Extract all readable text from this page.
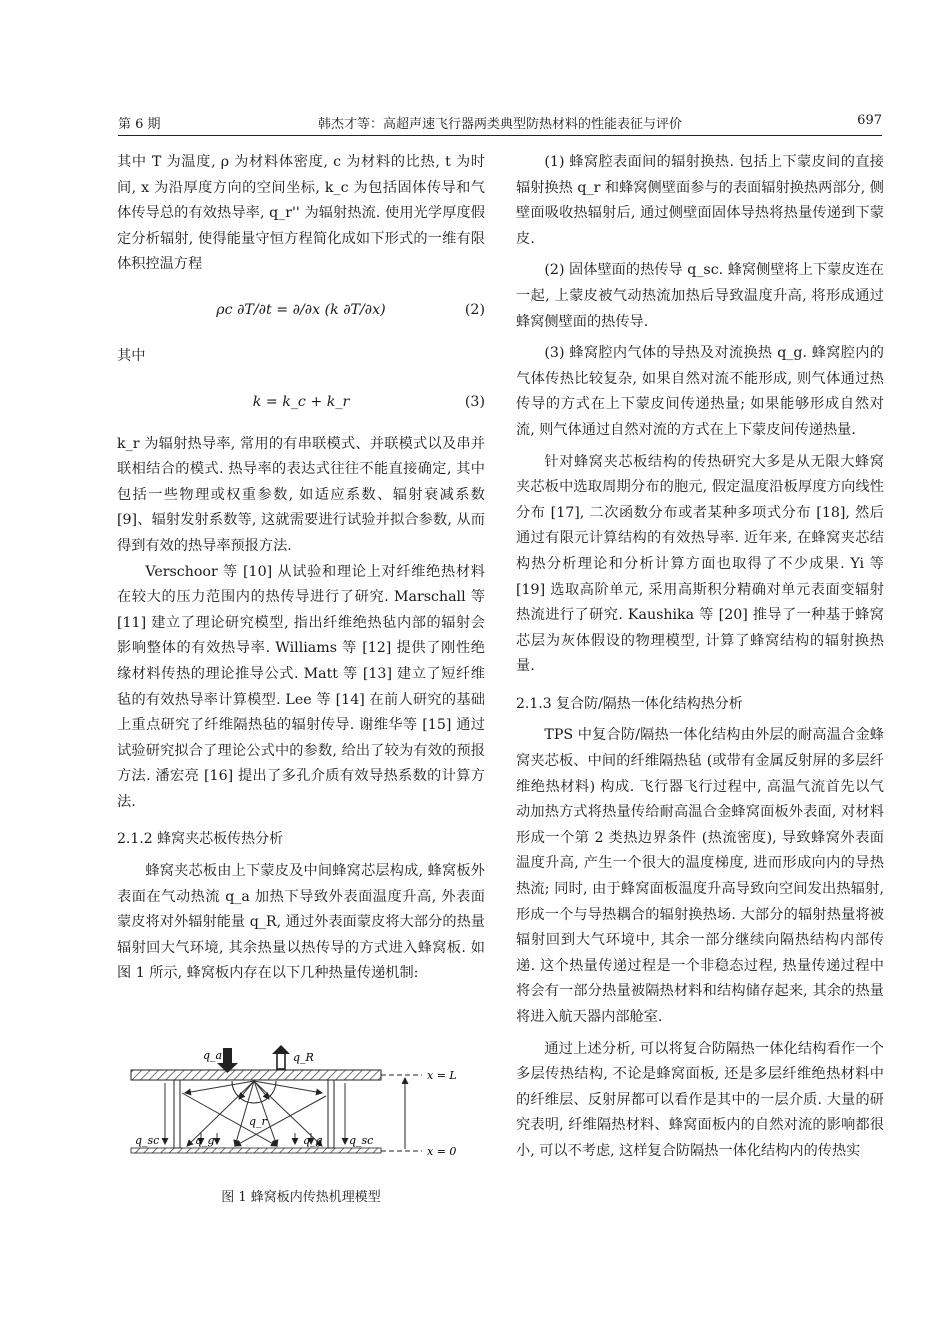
第 6 期	韩杰才等：高超声速飞行器两类典型防热材料的性能表征与评价	697

其中 T 为温度, ρ 为材料体密度, c 为材料的比热, t 为时间, x 为沿厚度方向的空间坐标, k_c 为包括固体传导和气体传导总的有效热导率, q_r'' 为辐射热流. 使用光学厚度假定分析辐射, 使得能量守恒方程简化成如下形式的一维有限体积控温方程

ρc ∂T/∂t = ∂/∂x (k ∂T/∂x)	(2)

其中

k = k_c + k_r	(3)

k_r 为辐射热导率, 常用的有串联模式、并联模式以及串并联相结合的模式. 热导率的表达式往往不能直接确定, 其中包括一些物理或权重参数, 如适应系数、辐射衰减系数 [9]、辐射发射系数等, 这就需要进行试验并拟合参数, 从而得到有效的热导率预报方法.

Verschoor 等 [10] 从试验和理论上对纤维绝热材料在较大的压力范围内的热传导进行了研究. Marschall 等 [11] 建立了理论研究模型, 指出纤维绝热毡内部的辐射会影响整体的有效热导率. Williams 等 [12] 提供了刚性绝缘材料传热的理论推导公式. Matt 等 [13] 建立了短纤维毡的有效热导率计算模型. Lee 等 [14] 在前人研究的基础上重点研究了纤维隔热毡的辐射传导. 谢维华等 [15] 通过试验研究拟合了理论公式中的参数, 给出了较为有效的预报方法. 潘宏亮 [16] 提出了多孔介质有效导热系数的计算方法.

2.1.2 蜂窝夹芯板传热分析

蜂窝夹芯板由上下蒙皮及中间蜂窝芯层构成, 蜂窝板外表面在气动热流 q_a 加热下导致外表面温度升高, 外表面蒙皮将对外辐射能量 q_R, 通过外表面蒙皮将大部分的热量辐射回大气环境, 其余热量以热传导的方式进入蜂窝板. 如图 1 所示, 蜂窝板内存在以下几种热量传递机制:

q_a	q_R
x = L
x = 0
q_sc	q_g
q_r
q_g q_sc
图 1 蜂窝板内传热机理模型

(1) 蜂窝腔表面间的辐射换热. 包括上下蒙皮间的直接辐射换热 q_r 和蜂窝侧壁面参与的表面辐射换热两部分, 侧壁面吸收热辐射后, 通过侧壁面固体导热将热量传递到下蒙皮.

(2) 固体壁面的热传导 q_sc. 蜂窝侧壁将上下蒙皮连在一起, 上蒙皮被气动热流加热后导致温度升高, 将形成通过蜂窝侧壁面的热传导.

(3) 蜂窝腔内气体的导热及对流换热 q_g. 蜂窝腔内的气体传热比较复杂, 如果自然对流不能形成, 则气体通过热传导的方式在上下蒙皮间传递热量; 如果能够形成自然对流, 则气体通过自然对流的方式在上下蒙皮间传递热量.

针对蜂窝夹芯板结构的传热研究大多是从无限大蜂窝夹芯板中选取周期分布的胞元, 假定温度沿板厚度方向线性分布 [17], 二次函数分布或者某种多项式分布 [18], 然后通过有限元计算结构的有效热导率. 近年来, 在蜂窝夹芯结构热分析理论和分析计算方面也取得了不少成果. Yi 等 [19] 选取高阶单元, 采用高斯积分精确对单元表面变辐射热流进行了研究. Kaushika 等 [20] 推导了一种基于蜂窝芯层为灰体假设的物理模型, 计算了蜂窝结构的辐射换热量.

2.1.3 复合防/隔热一体化结构热分析

TPS 中复合防/隔热一体化结构由外层的耐高温合金蜂窝夹芯板、中间的纤维隔热毡 (或带有金属反射屏的多层纤维绝热材料) 构成. 飞行器飞行过程中, 高温气流首先以气动加热方式将热量传给耐高温合金蜂窝面板外表面, 对材料形成一个第 2 类热边界条件 (热流密度), 导致蜂窝外表面温度升高, 产生一个很大的温度梯度, 进而形成向内的导热热流; 同时, 由于蜂窝面板温度升高导致向空间发出热辐射, 形成一个与导热耦合的辐射换热场. 大部分的辐射热量将被辐射回到大气环境中, 其余一部分继续向隔热结构内部传递. 这个热量传递过程是一个非稳态过程, 热量传递过程中将会有一部分热量被隔热材料和结构储存起来, 其余的热量将进入航天器内部舱室.

通过上述分析, 可以将复合防隔热一体化结构看作一个多层传热结构, 不论是蜂窝面板, 还是多层纤维绝热材料中的纤维层、反射屏都可以看作是其中的一层介质. 大量的研究表明, 纤维隔热材料、蜂窝面板内的自然对流的影响都很小, 可以不考虑, 这样复合防隔热一体化结构内的传热实
